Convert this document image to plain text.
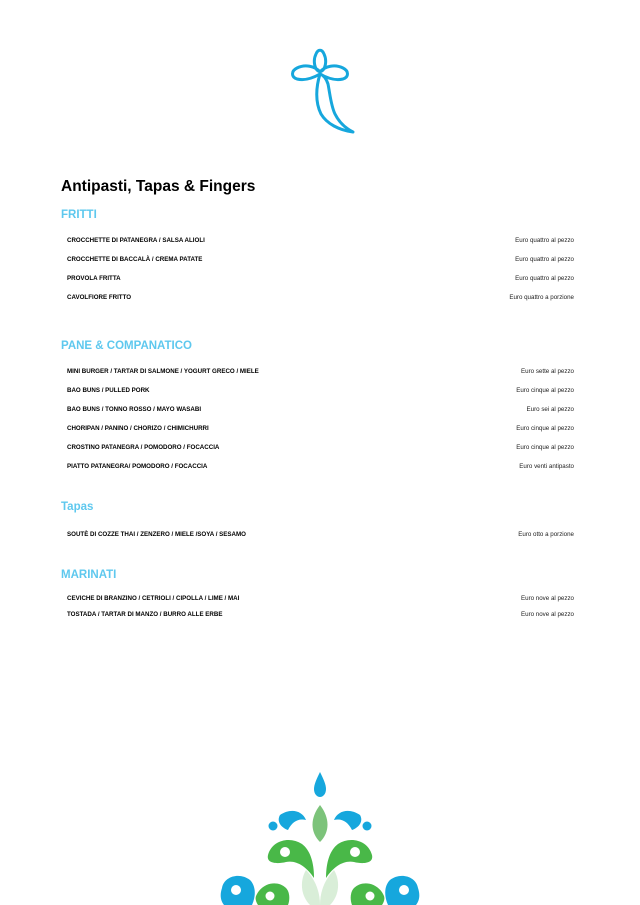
Antipasti, Tapas & Fingers
FRITTI
CROCCHETTE DI PATANEGRA / SALSA ALIOLI	Euro quattro al pezzo
CROCCHETTE DI BACCALÀ / CREMA PATATE	Euro quattro al pezzo
PROVOLA FRITTA	Euro quattro al pezzo
CAVOLFIORE FRITTO	Euro quattro a porzione
PANE & COMPANATICO
MINI BURGER / TARTAR DI SALMONE / YOGURT GRECO / MIELE	Euro sette al pezzo
BAO BUNS / PULLED PORK	Euro cinque al pezzo
BAO BUNS / TONNO ROSSO / MAYO WASABI	Euro sei al pezzo
CHORIPAN / PANINO / CHORIZO / CHIMICHURRI	Euro cinque al pezzo
CROSTINO PATANEGRA / POMODORO / FOCACCIA	Euro cinque al pezzo
PIATTO PATANEGRA/ POMODORO / FOCACCIA	Euro venti antipasto
Tapas
SOUTÈ DI COZZE THAI / ZENZERO / MIELE /SOYA / SESAMO	Euro otto a porzione
MARINATI
CEVICHE DI BRANZINO / CETRIOLI / CIPOLLA / LIME / MAI	Euro nove al pezzo
TOSTADA / TARTAR DI MANZO / BURRO ALLE ERBE	Euro nove al pezzo
